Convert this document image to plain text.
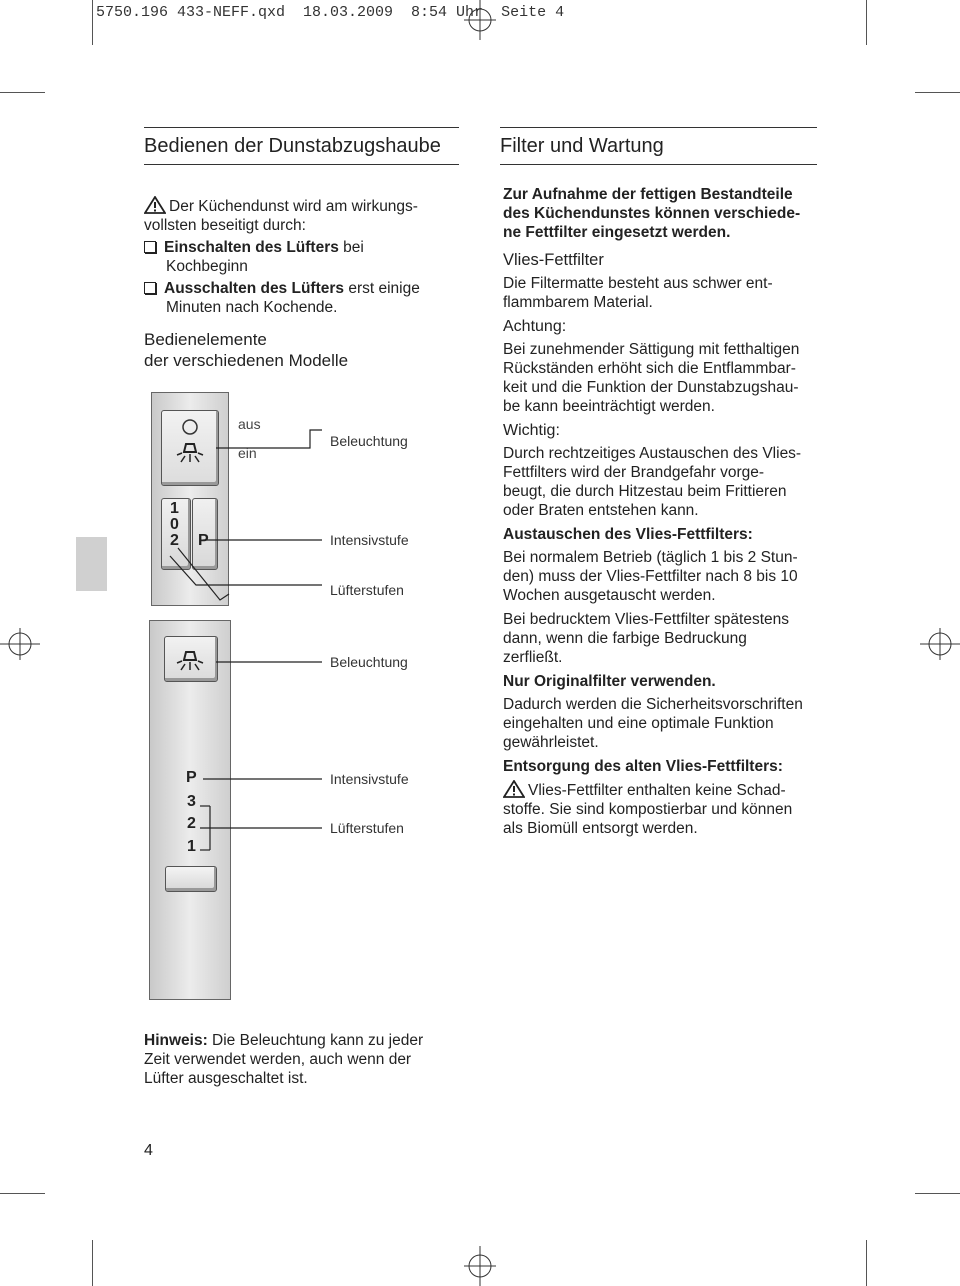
5750.196 433-NEFF.qxd  18.03.2009  8:54 Uhr  Seite 4
Bedienen der Dunstabzugshaube

Der Küchendunst wird am wirkungs-

vollsten beseitigt durch:

Einschalten des Lüfters bei

Kochbeginn

Ausschalten des Lüfters erst einige

Minuten nach Kochende.

Bedienelemente

der verschiedenen Modelle

1
0
2 P
P
3
2
1
aus
ein
Beleuchtung
Intensivstufe
Lüfterstufen
Beleuchtung
Intensivstufe
Lüfterstufen

Hinweis: Die Beleuchtung kann zu jeder

Zeit verwendet werden, auch wenn der

Lüfter ausgeschaltet ist.

4
Filter und Wartung

Zur Aufnahme der fettigen Bestandteile

des Küchendunstes können verschiede-

ne Fettfilter eingesetzt werden.

Vlies-Fettfilter

Die Filtermatte besteht aus schwer ent-

flammbarem Material.

Achtung:

Bei zunehmender Sättigung mit fetthaltigen

Rückständen erhöht sich die Entflammbar-

keit und die Funktion der Dunstabzugshau-

be kann beeinträchtigt werden.

Wichtig:

Durch rechtzeitiges Austauschen des Vlies-

Fettfilters wird der Brandgefahr vorge-

beugt, die durch Hitzestau beim Frittieren

oder Braten entstehen kann.

Austauschen des Vlies-Fettfilters:

Bei normalem Betrieb (täglich 1 bis 2 Stun-

den) muss der Vlies-Fettfilter nach 8 bis 10

Wochen ausgetauscht werden.

Bei bedrucktem Vlies-Fettfilter spätestens

dann, wenn die farbige Bedruckung

zerfließt.

Nur Originalfilter verwenden.

Dadurch werden die Sicherheitsvorschriften

eingehalten und eine optimale Funktion

gewährleistet.

Entsorgung des alten Vlies-Fettfilters:

Vlies-Fettfilter enthalten keine Schad-

stoffe. Sie sind kompostierbar und können

als Biomüll entsorgt werden.
